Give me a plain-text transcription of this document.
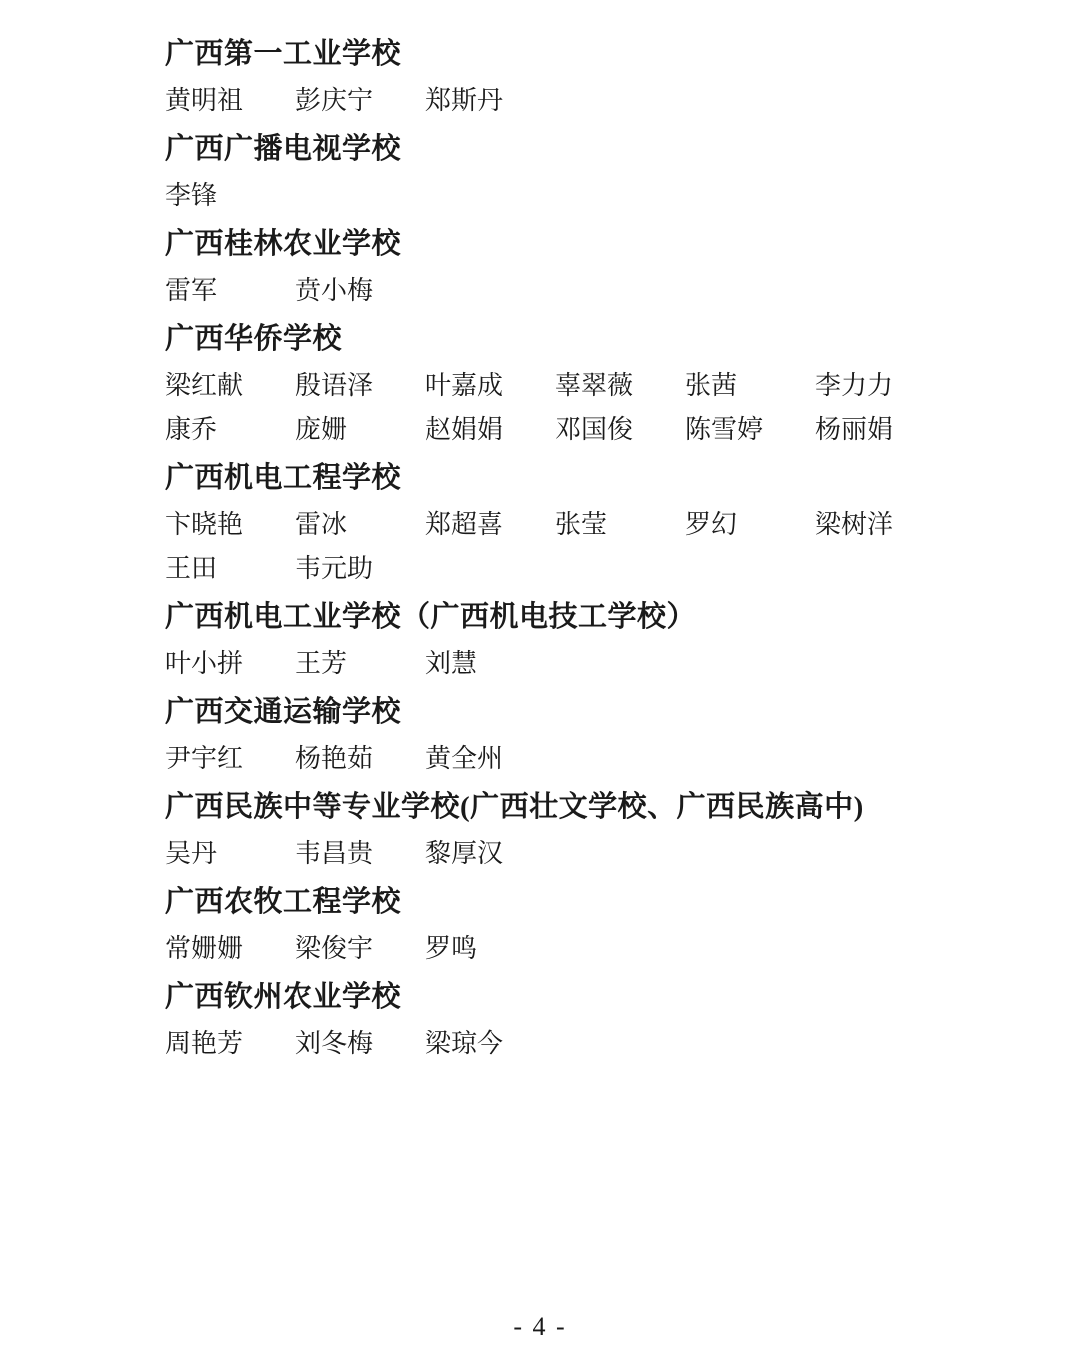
广西第一工业学校
黄明祖 彭庆宁 郑斯丹
广西广播电视学校
李锋
广西桂林农业学校
雷军	贲小梅
广西华侨学校
梁红献 殷语泽 叶嘉成 辜翠薇 张茜	李力力
康乔	庞姗	赵娟娟 邓国俊 陈雪婷 杨丽娟
广西机电工程学校
卞晓艳 雷冰	郑超喜 张莹	罗幻	梁树洋
王田	韦元助
广西机电工业学校（广西机电技工学校）
叶小拼 王芳	刘慧
广西交通运输学校
尹宇红 杨艳茹 黄全州
广西民族中等专业学校(广西壮文学校、广西民族高中)
吴丹	韦昌贵 黎厚汉
广西农牧工程学校
常姗姗 梁俊宇 罗鸣
广西钦州农业学校
周艳芳 刘冬梅 梁琼今
- 4 -
